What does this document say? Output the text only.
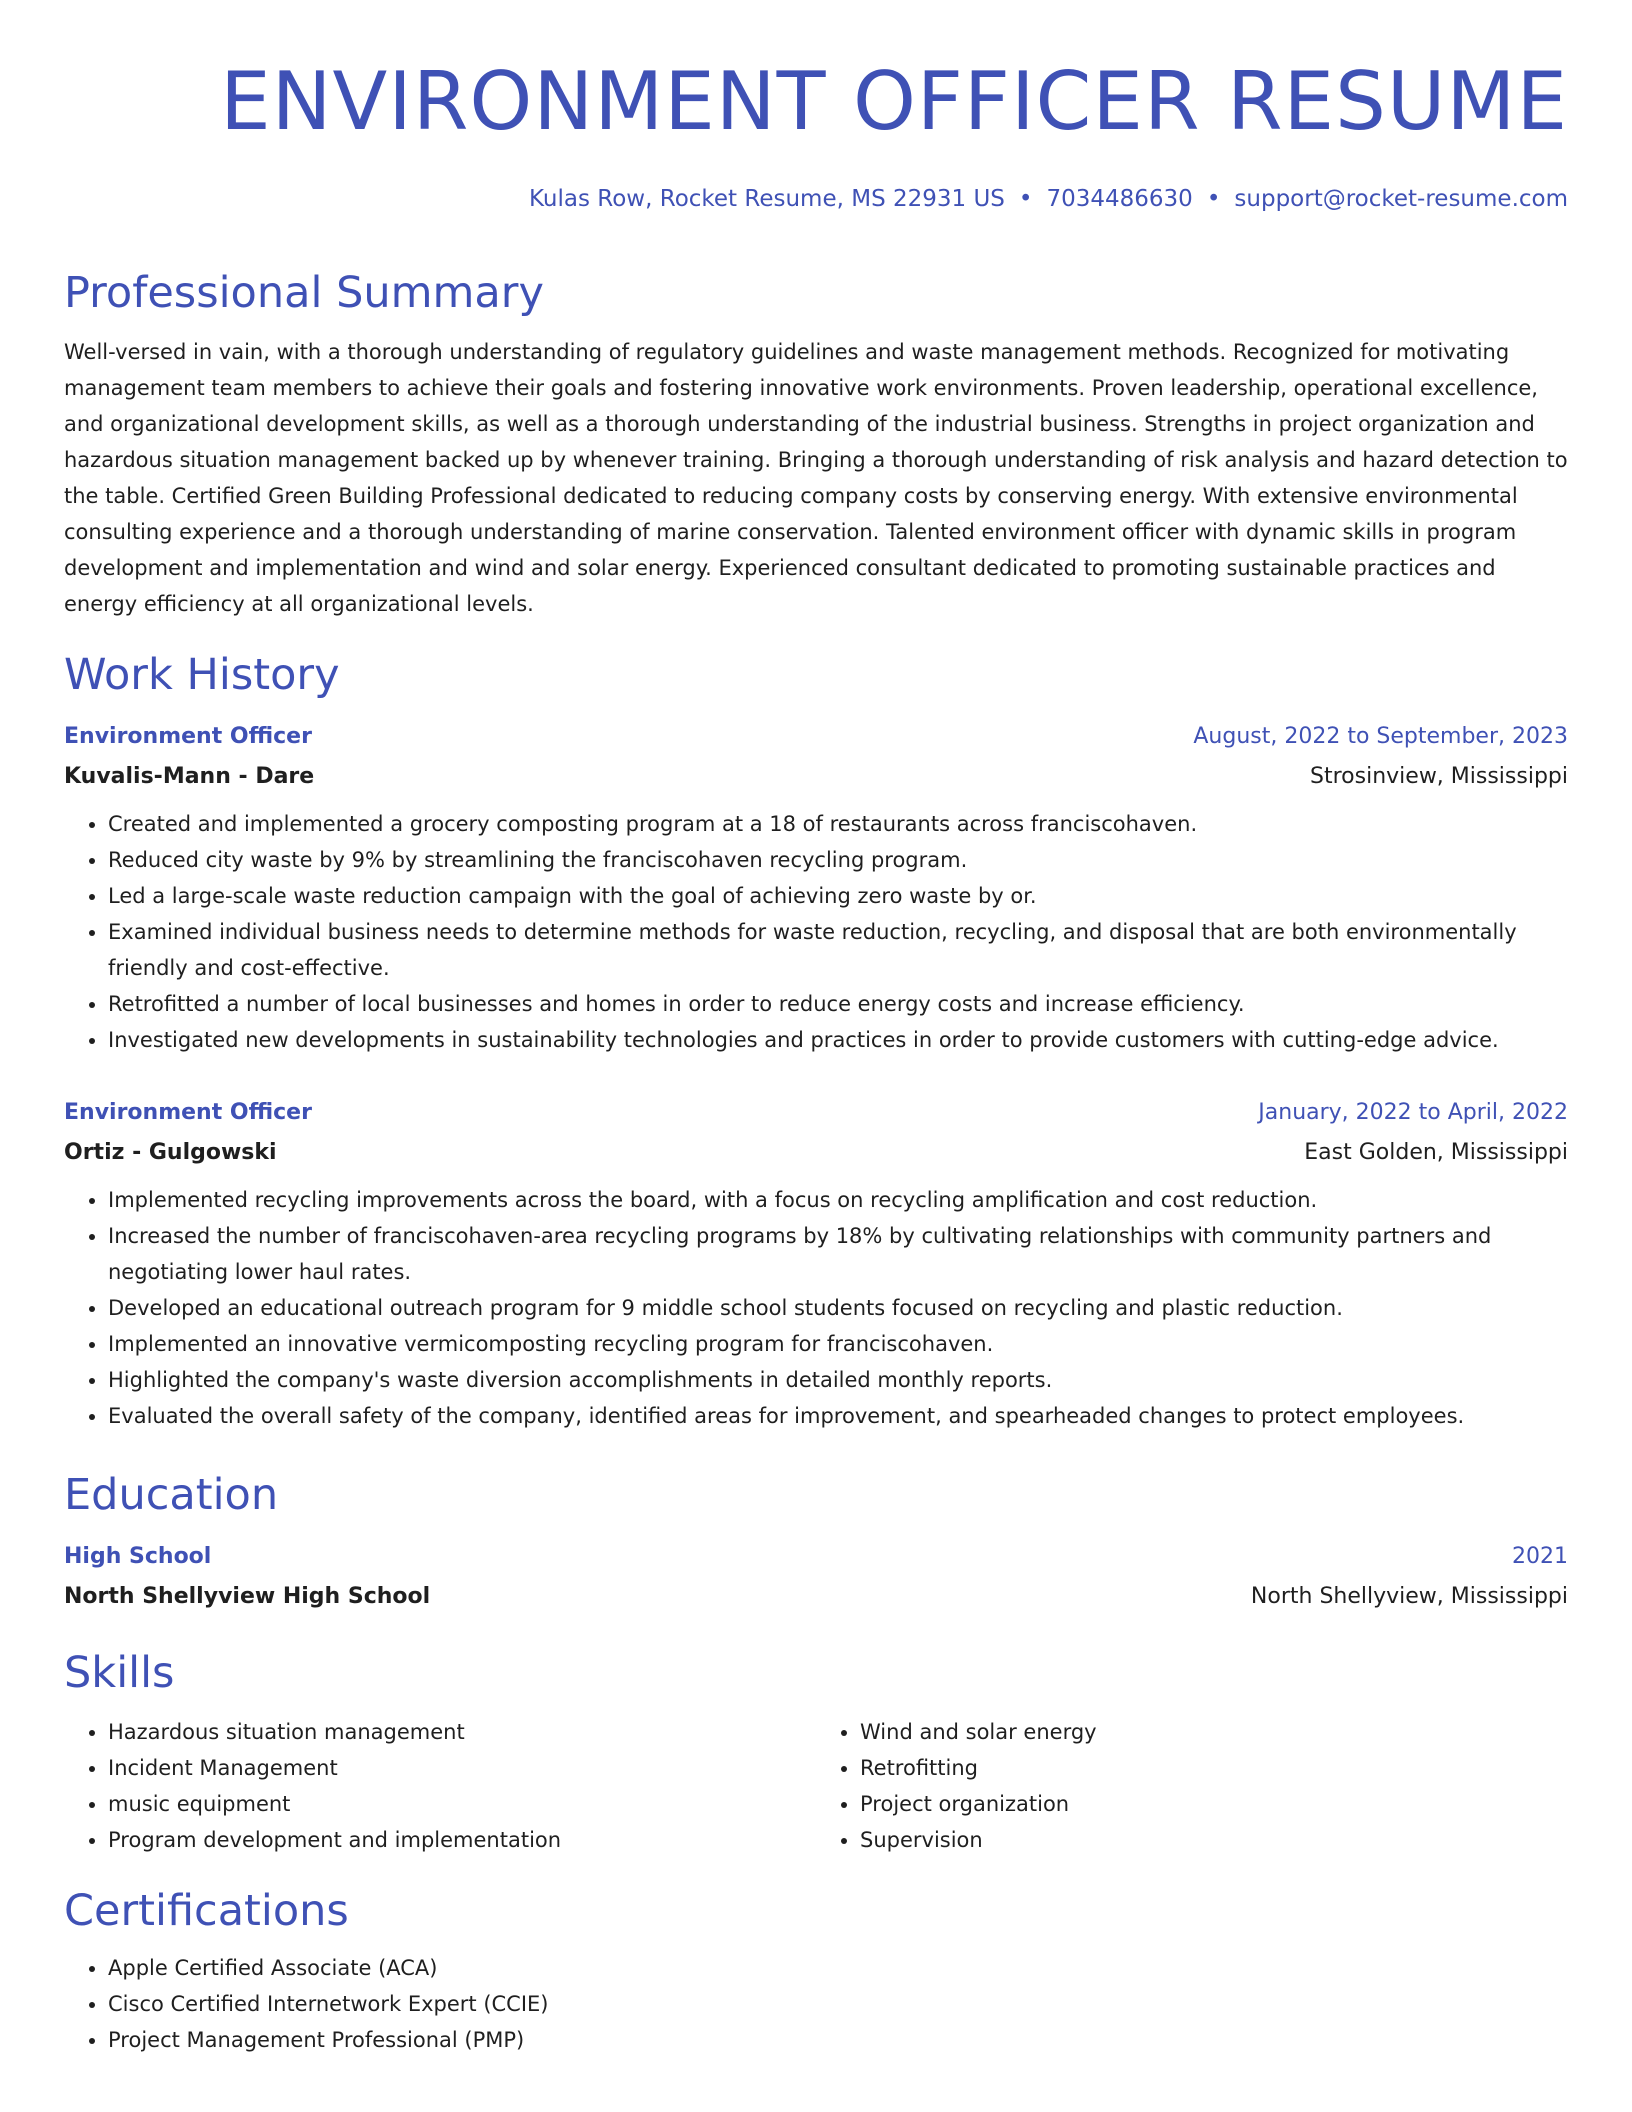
ENVIRONMENT OFFICER RESUME
Kulas Row, Rocket Resume, MS 22931 US • 7034486630 • support@rocket-resume.com
Professional Summary
Well-versed in vain, with a thorough understanding of regulatory guidelines and waste management methods. Recognized for motivating management team members to achieve their goals and fostering innovative work environments. Proven leadership, operational excellence, and organizational development skills, as well as a thorough understanding of the industrial business. Strengths in project organization and hazardous situation management backed up by whenever training. Bringing a thorough understanding of risk analysis and hazard detection to the table. Certified Green Building Professional dedicated to reducing company costs by conserving energy. With extensive environmental consulting experience and a thorough understanding of marine conservation. Talented environment officer with dynamic skills in program development and implementation and wind and solar energy. Experienced consultant dedicated to promoting sustainable practices and energy efficiency at all organizational levels.
Work History
Environment Officer	August, 2022 to September, 2023
Kuvalis-Mann - Dare	Strosinview, Mississippi
• Created and implemented a grocery composting program at a 18 of restaurants across franciscohaven.
• Reduced city waste by 9% by streamlining the franciscohaven recycling program.
• Led a large-scale waste reduction campaign with the goal of achieving zero waste by or.
• Examined individual business needs to determine methods for waste reduction, recycling, and disposal that are both environmentally friendly and cost-effective.
• Retrofitted a number of local businesses and homes in order to reduce energy costs and increase efficiency.
• Investigated new developments in sustainability technologies and practices in order to provide customers with cutting-edge advice.
Environment Officer	January, 2022 to April, 2022
Ortiz - Gulgowski	East Golden, Mississippi
• Implemented recycling improvements across the board, with a focus on recycling amplification and cost reduction.
• Increased the number of franciscohaven-area recycling programs by 18% by cultivating relationships with community partners and negotiating lower haul rates.
• Developed an educational outreach program for 9 middle school students focused on recycling and plastic reduction.
• Implemented an innovative vermicomposting recycling program for franciscohaven.
• Highlighted the company's waste diversion accomplishments in detailed monthly reports.
• Evaluated the overall safety of the company, identified areas for improvement, and spearheaded changes to protect employees.
Education
High School	2021
North Shellyview High School	North Shellyview, Mississippi
Skills
• Hazardous situation management
• Incident Management
• music equipment
• Program development and implementation
• Wind and solar energy
• Retrofitting
• Project organization
• Supervision
Certifications
• Apple Certified Associate (ACA)
• Cisco Certified Internetwork Expert (CCIE)
• Project Management Professional (PMP)
